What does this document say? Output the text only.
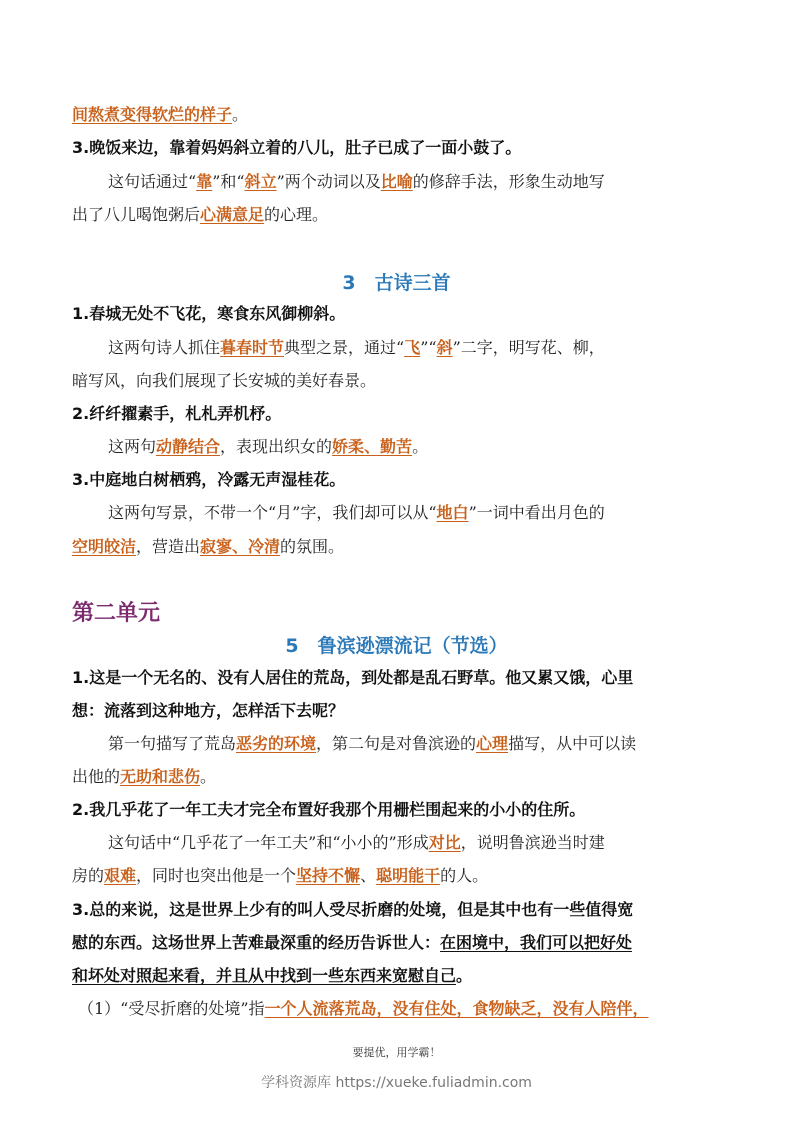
间熬煮变得软烂的样子。
3.晚饭来边，靠着妈妈斜立着的八儿，肚子已成了一面小鼓了。
这句话通过“靠”和“斜立”两个动词以及比喻的修辞手法，形象生动地写
出了八儿喝饱粥后心满意足的心理。
3　古诗三首
1.春城无处不飞花，寒食东风御柳斜。
这两句诗人抓住暮春时节典型之景，通过“飞”“斜”二字，明写花、柳，
暗写风，向我们展现了长安城的美好春景。
2.纤纤擢素手，札札弄机杼。
这两句动静结合，表现出织女的娇柔、勤苦。
3.中庭地白树栖鸦，冷露无声湿桂花。
这两句写景，不带一个“月”字，我们却可以从“地白”一词中看出月色的
空明皎洁，营造出寂寥、冷清的氛围。
第二单元
5　鲁滨逊漂流记（节选）
1.这是一个无名的、没有人居住的荒岛，到处都是乱石野草。他又累又饿，心里
想：流落到这种地方，怎样活下去呢？
第一句描写了荒岛恶劣的环境，第二句是对鲁滨逊的心理描写，从中可以读
出他的无助和悲伤。
2.我几乎花了一年工夫才完全布置好我那个用栅栏围起来的小小的住所。
这句话中“几乎花了一年工夫”和“小小的”形成对比，说明鲁滨逊当时建
房的艰难，同时也突出他是一个坚持不懈、聪明能干的人。
3.总的来说，这是世界上少有的叫人受尽折磨的处境，但是其中也有一些值得宽
慰的东西。这场世界上苦难最深重的经历告诉世人：在困境中，我们可以把好处
和坏处对照起来看，并且从中找到一些东西来宽慰自己。
（1）“受尽折磨的处境”指一个人流落荒岛，没有住处，食物缺乏，没有人陪伴，
要提优，用学霸！
学科资源库 https://xueke.fuliadmin.com
